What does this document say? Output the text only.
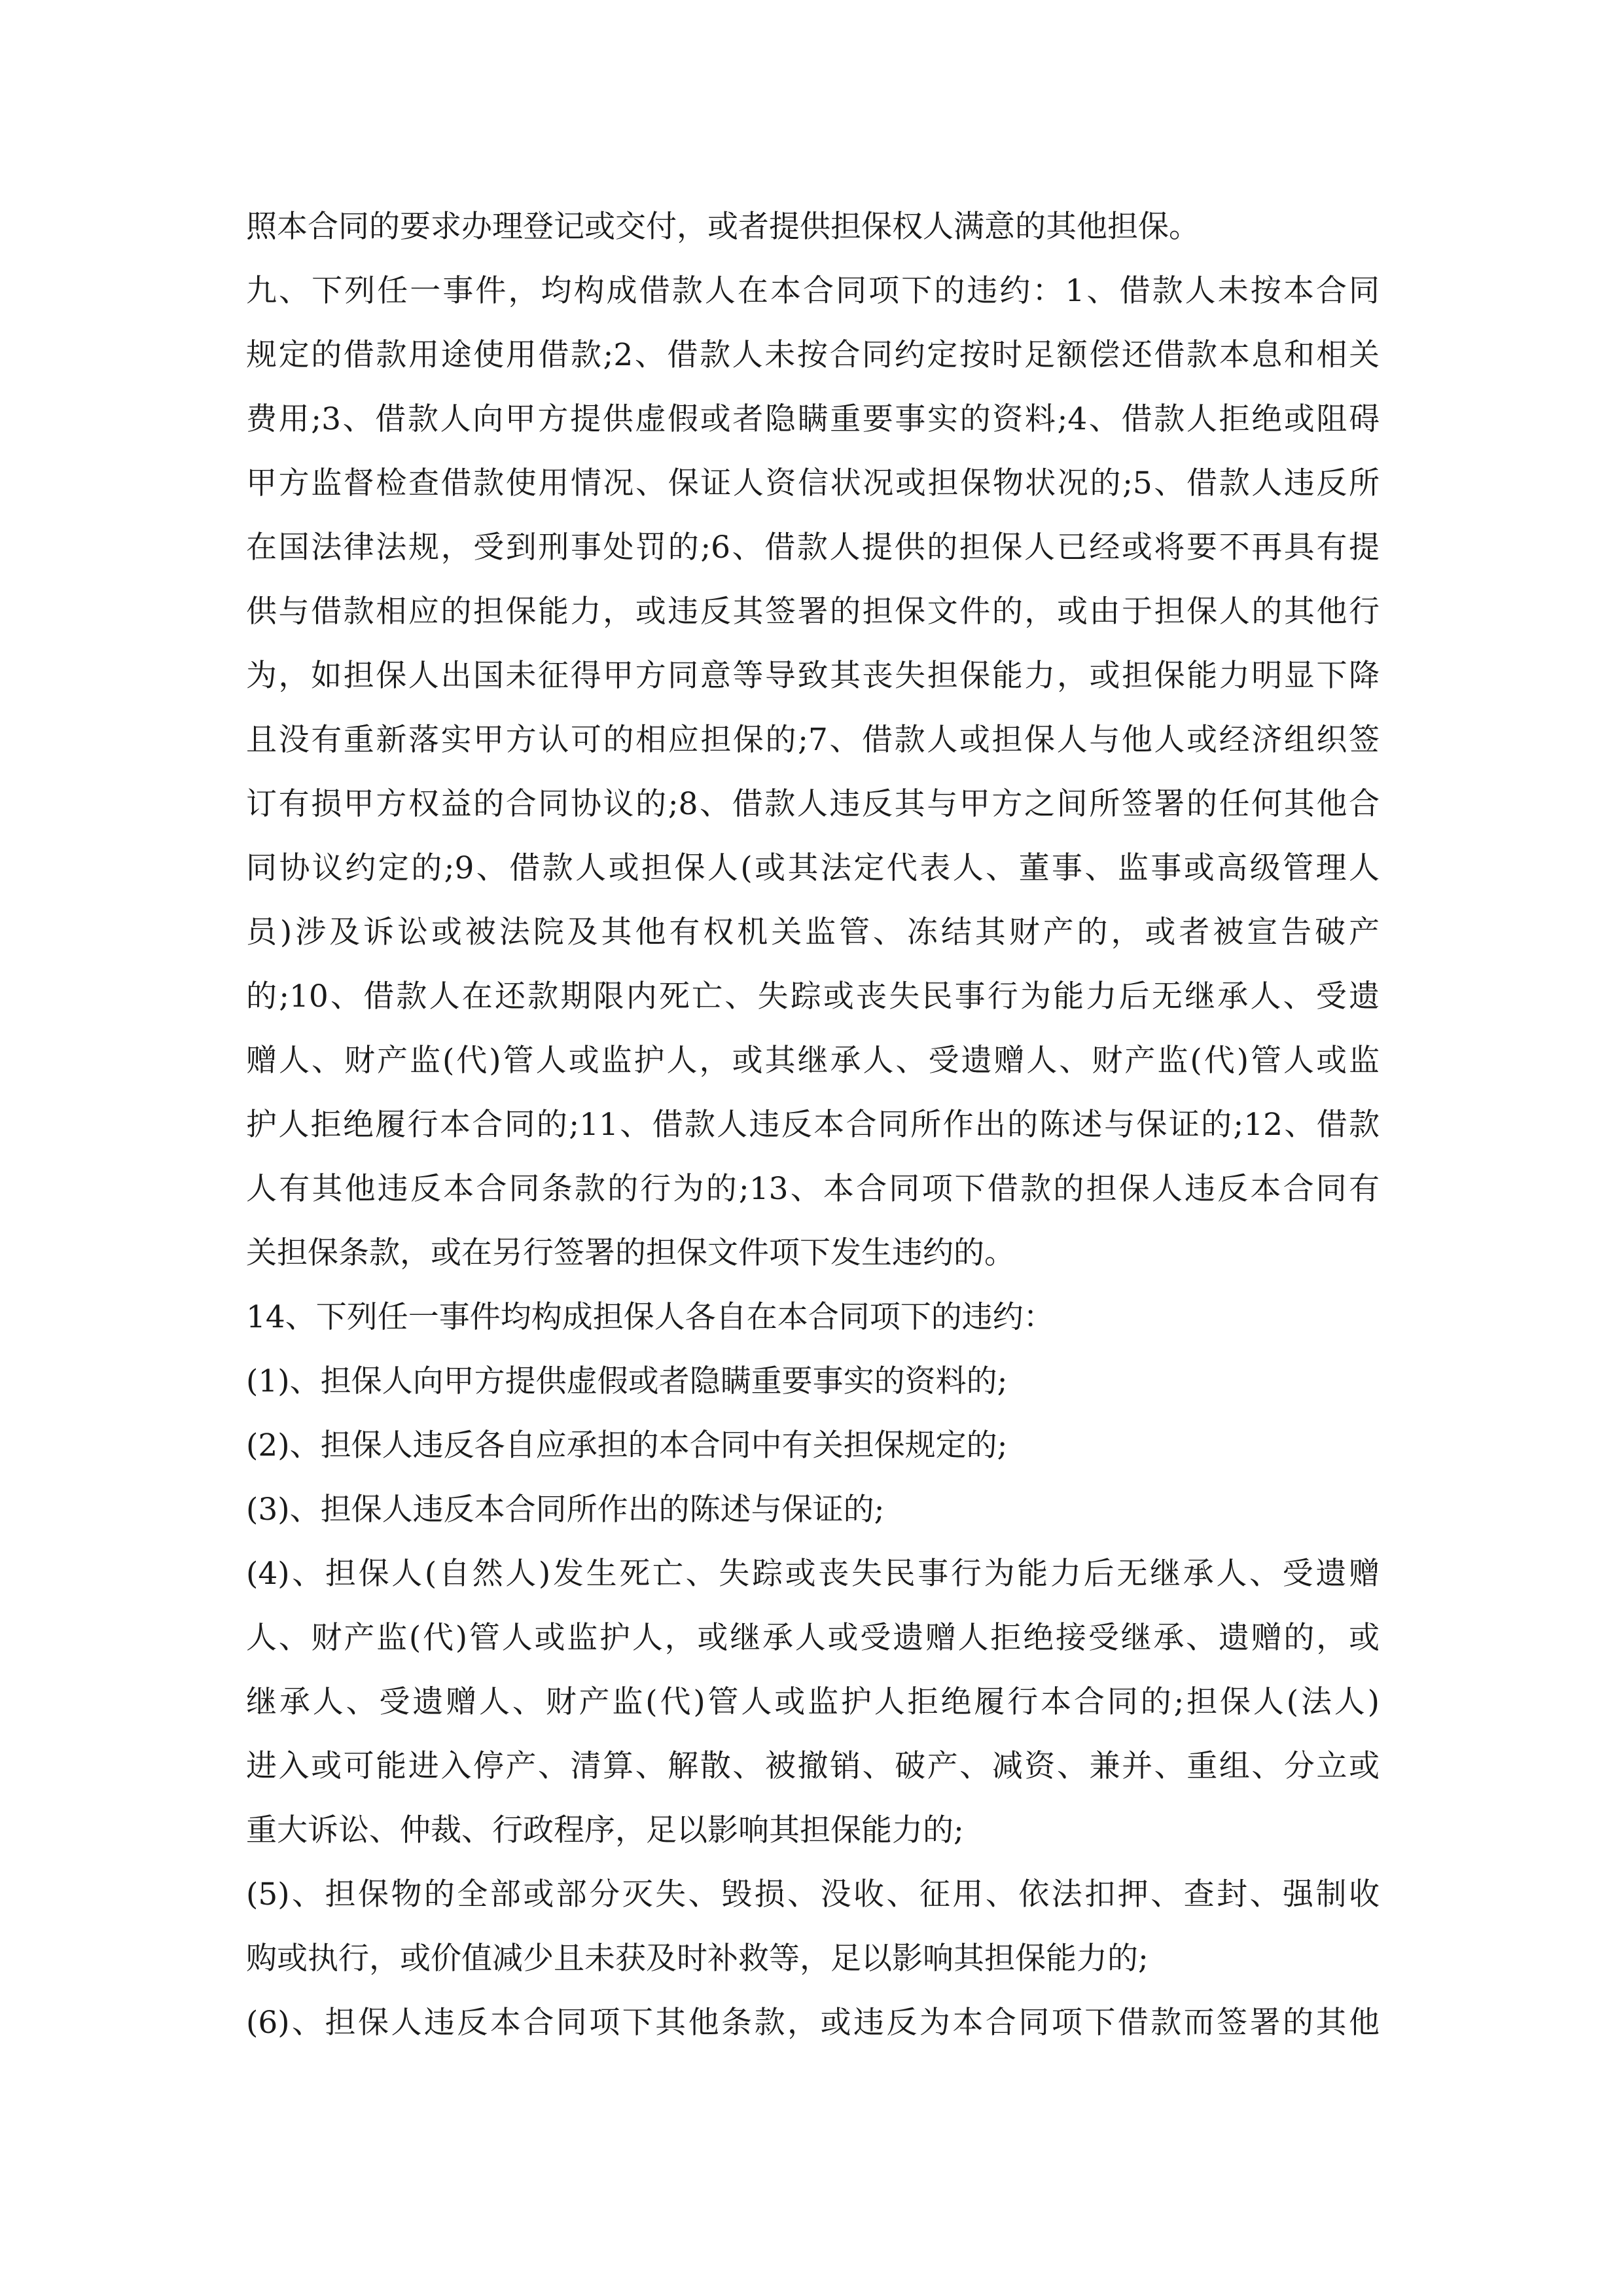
照本合同的要求办理登记或交付，或者提供担保权人满意的其他担保。
九、下列任一事件，均构成借款人在本合同项下的违约：1、借款人未按本合同
规定的借款用途使用借款;2、借款人未按合同约定按时足额偿还借款本息和相关
费用;3、借款人向甲方提供虚假或者隐瞒重要事实的资料;4、借款人拒绝或阻碍
甲方监督检查借款使用情况、保证人资信状况或担保物状况的;5、借款人违反所
在国法律法规，受到刑事处罚的;6、借款人提供的担保人已经或将要不再具有提
供与借款相应的担保能力，或违反其签署的担保文件的，或由于担保人的其他行
为，如担保人出国未征得甲方同意等导致其丧失担保能力，或担保能力明显下降
且没有重新落实甲方认可的相应担保的;7、借款人或担保人与他人或经济组织签
订有损甲方权益的合同协议的;8、借款人违反其与甲方之间所签署的任何其他合
同协议约定的;9、借款人或担保人(或其法定代表人、董事、监事或高级管理人
员)涉及诉讼或被法院及其他有权机关监管、冻结其财产的，或者被宣告破产
的;10、借款人在还款期限内死亡、失踪或丧失民事行为能力后无继承人、受遗
赠人、财产监(代)管人或监护人，或其继承人、受遗赠人、财产监(代)管人或监
护人拒绝履行本合同的;11、借款人违反本合同所作出的陈述与保证的;12、借款
人有其他违反本合同条款的行为的;13、本合同项下借款的担保人违反本合同有
关担保条款，或在另行签署的担保文件项下发生违约的。
14、下列任一事件均构成担保人各自在本合同项下的违约：
(1)、担保人向甲方提供虚假或者隐瞒重要事实的资料的;
(2)、担保人违反各自应承担的本合同中有关担保规定的;
(3)、担保人违反本合同所作出的陈述与保证的;
(4)、担保人(自然人)发生死亡、失踪或丧失民事行为能力后无继承人、受遗赠
人、财产监(代)管人或监护人，或继承人或受遗赠人拒绝接受继承、遗赠的，或
继承人、受遗赠人、财产监(代)管人或监护人拒绝履行本合同的;担保人(法人)
进入或可能进入停产、清算、解散、被撤销、破产、减资、兼并、重组、分立或
重大诉讼、仲裁、行政程序，足以影响其担保能力的;
(5)、担保物的全部或部分灭失、毁损、没收、征用、依法扣押、查封、强制收
购或执行，或价值减少且未获及时补救等，足以影响其担保能力的;
(6)、担保人违反本合同项下其他条款，或违反为本合同项下借款而签署的其他
